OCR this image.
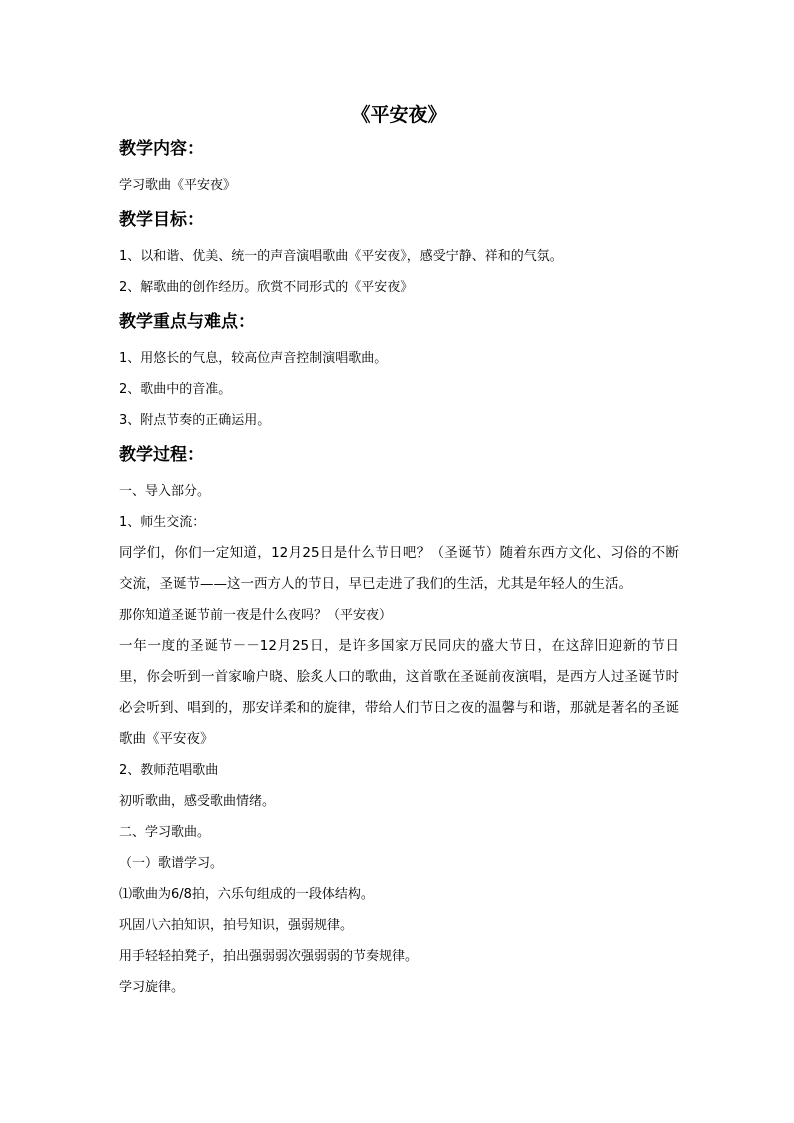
《平安夜》
教学内容：

学习歌曲《平安夜》

教学目标：

1、以和谐、优美、统一的声音演唱歌曲《平安夜》，感受宁静、祥和的气氛。

2、解歌曲的创作经历。欣赏不同形式的《平安夜》

教学重点与难点：

1、用悠长的气息，较高位声音控制演唱歌曲。

2、歌曲中的音准。

3、附点节奏的正确运用。

教学过程：

一、导入部分。

1、师生交流：

同学们，你们一定知道，12月25日是什么节日吧？（圣诞节）随着东西方文化、习俗的不断交流，圣诞节——这一西方人的节日，早已走进了我们的生活，尤其是年轻人的生活。

那你知道圣诞节前一夜是什么夜吗？（平安夜）

一年一度的圣诞节－－12月25日，是许多国家万民同庆的盛大节日，在这辞旧迎新的节日里，你会听到一首家喻户晓、脍炙人口的歌曲，这首歌在圣诞前夜演唱，是西方人过圣诞节时必会听到、唱到的，那安详柔和的旋律，带给人们节日之夜的温馨与和谐，那就是著名的圣诞歌曲《平安夜》

2、教师范唱歌曲

初听歌曲，感受歌曲情绪。

二、学习歌曲。

（一）歌谱学习。

⑴歌曲为6/8拍，六乐句组成的一段体结构。

巩固八六拍知识，拍号知识，强弱规律。

用手轻轻拍凳子，拍出强弱弱次强弱弱的节奏规律。

学习旋律。
